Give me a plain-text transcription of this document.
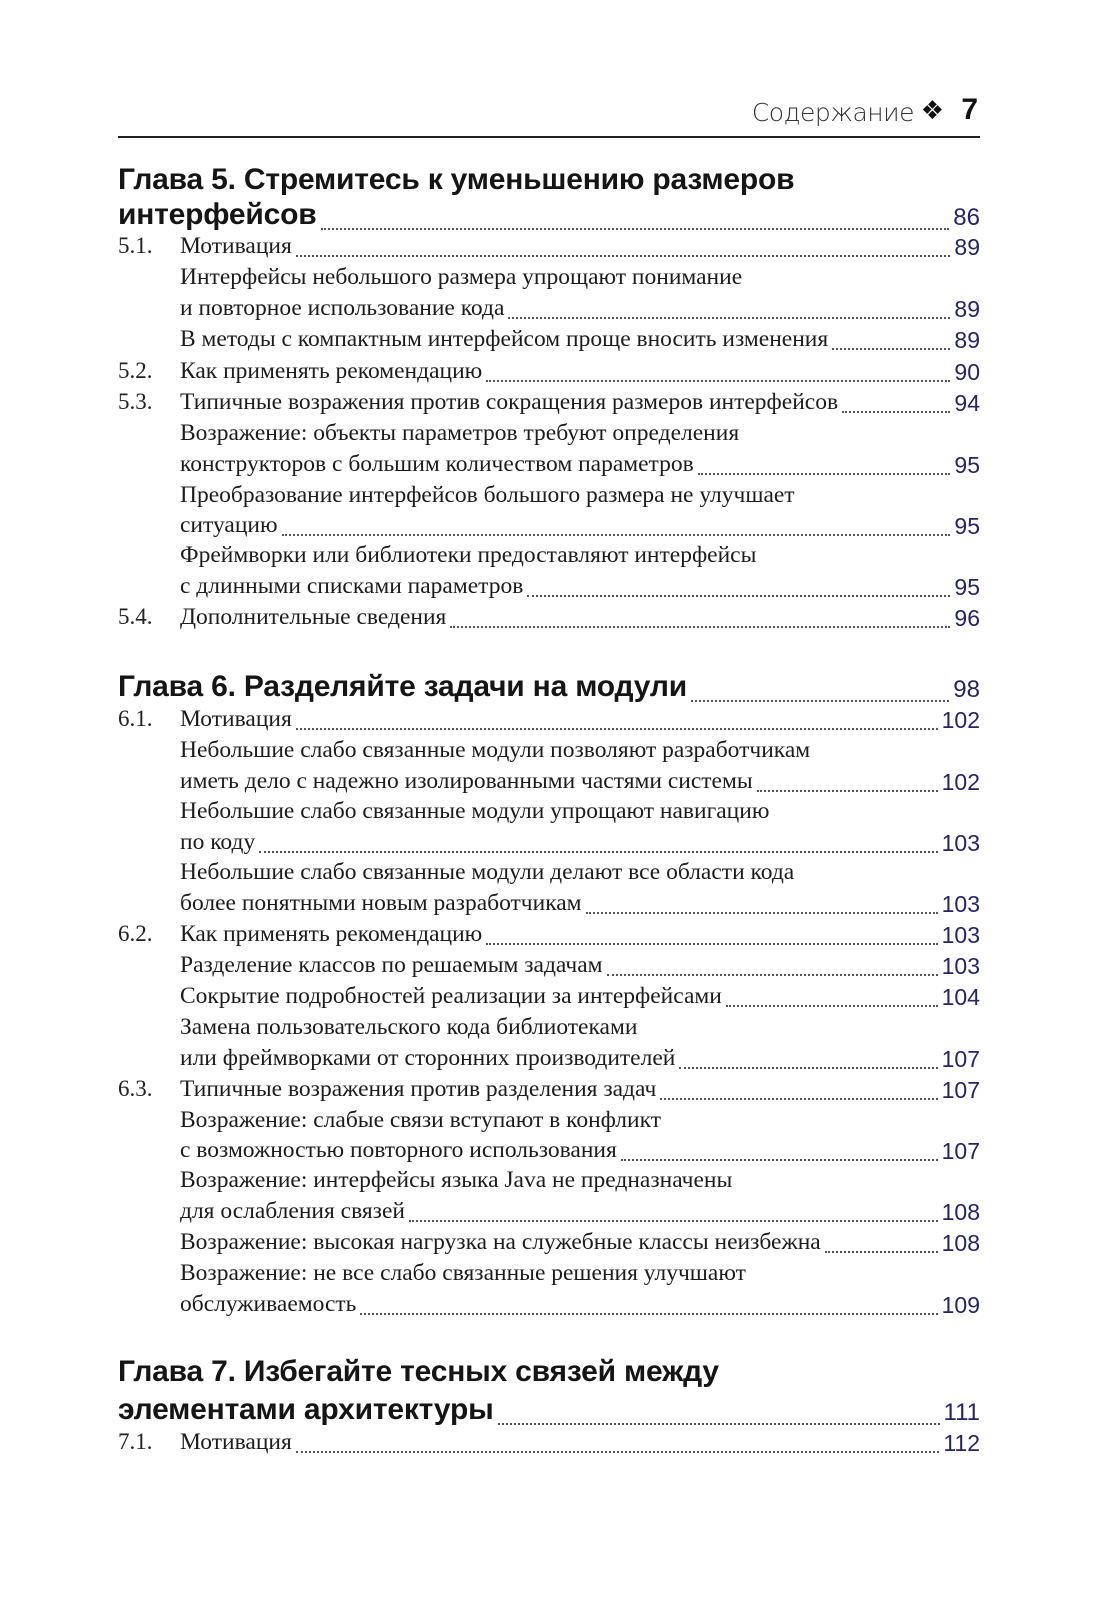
Содержание ❖ 7
Глава 5. Стремитесь к уменьшению размеров
интерфейсов	86
5.1. Мотивация	89
Интерфейсы небольшого размера упрощают понимание
и повторное использование кода	89
В методы с компактным интерфейсом проще вносить изменения	89
5.2. Как применять рекомендацию	90
5.3. Типичные возражения против сокращения размеров интерфейсов	94
Возражение: объекты параметров требуют определения
конструкторов с большим количеством параметров	95
Преобразование интерфейсов большого размера не улучшает
ситуацию	95
Фреймворки или библиотеки предоставляют интерфейсы
с длинными списками параметров	95
5.4. Дополнительные сведения	96
Глава 6. Разделяйте задачи на модули	98
6.1. Мотивация	102
Небольшие слабо связанные модули позволяют разработчикам
иметь дело с надежно изолированными частями системы	102
Небольшие слабо связанные модули упрощают навигацию
по коду	103
Небольшие слабо связанные модули делают все области кода
более понятными новым разработчикам	103
6.2. Как применять рекомендацию	103
Разделение классов по решаемым задачам	103
Сокрытие подробностей реализации за интерфейсами	104
Замена пользовательского кода библиотеками
или фреймворками от сторонних производителей	107
6.3. Типичные возражения против разделения задач	107
Возражение: слабые связи вступают в конфликт
с возможностью повторного использования	107
Возражение: интерфейсы языка Java не предназначены
для ослабления связей	108
Возражение: высокая нагрузка на служебные классы неизбежна	108
Возражение: не все слабо связанные решения улучшают
обслуживаемость	109
Глава 7. Избегайте тесных связей между
элементами архитектуры	111
7.1. Мотивация	112
